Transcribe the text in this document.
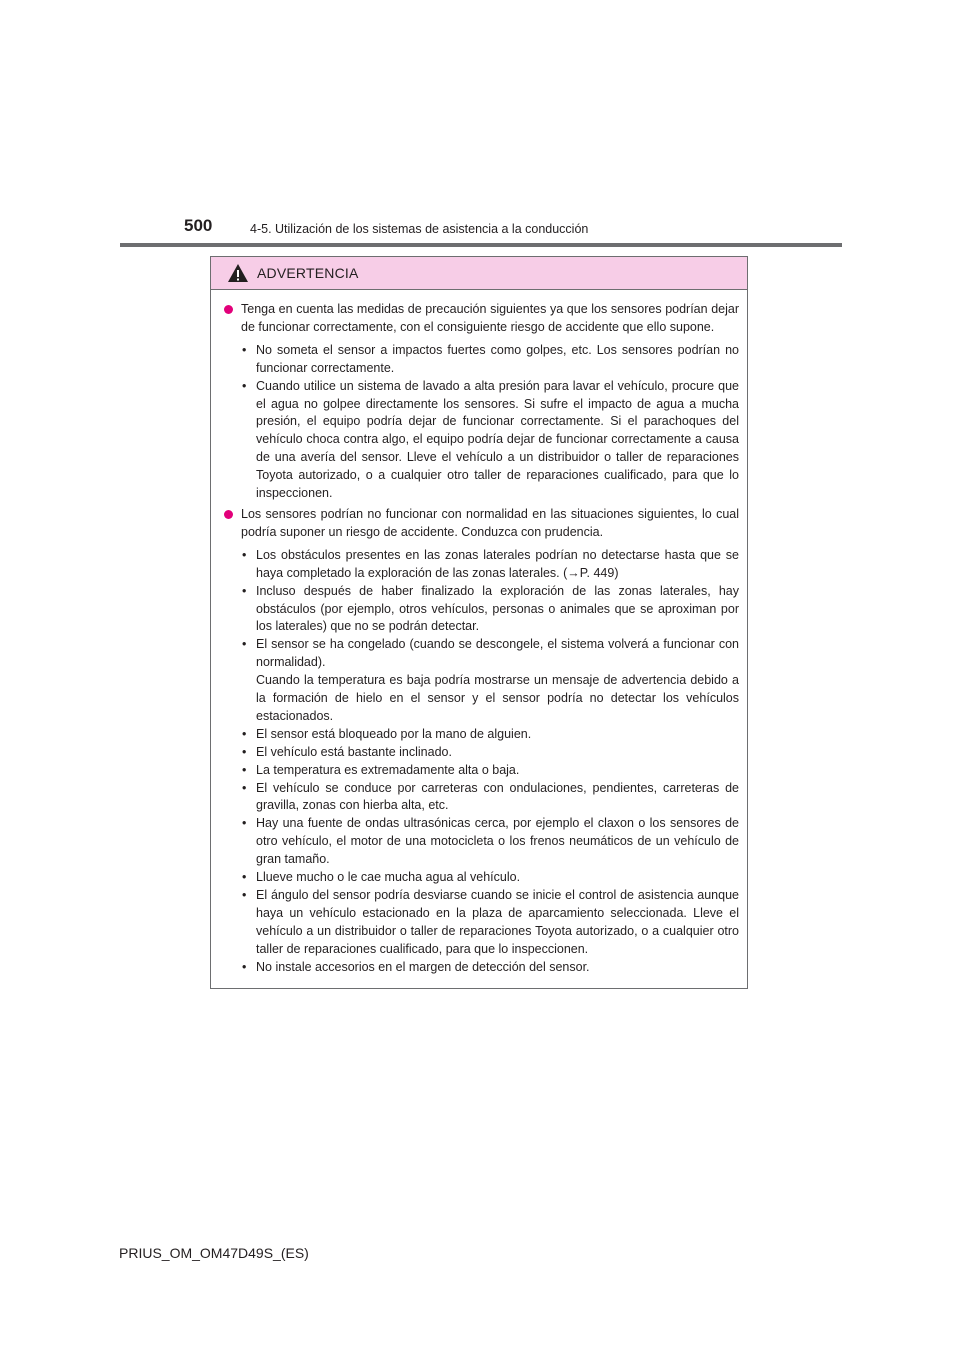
500	4-5. Utilización de los sistemas de asistencia a la conducción
ADVERTENCIA
Tenga en cuenta las medidas de precaución siguientes ya que los sensores podrían dejar de funcionar correctamente, con el consiguiente riesgo de accidente que ello supone.
• No someta el sensor a impactos fuertes como golpes, etc. Los sensores podrían no funcionar correctamente.
• Cuando utilice un sistema de lavado a alta presión para lavar el vehículo, procure que el agua no golpee directamente los sensores. Si sufre el impacto de agua a mucha presión, el equipo podría dejar de funcionar correctamente. Si el parachoques del vehículo choca contra algo, el equipo podría dejar de funcionar correctamente a causa de una avería del sensor. Lleve el vehículo a un distribuidor o taller de reparaciones Toyota autorizado, o a cualquier otro taller de reparaciones cualificado, para que lo inspeccionen.
Los sensores podrían no funcionar con normalidad en las situaciones siguientes, lo cual podría suponer un riesgo de accidente. Conduzca con prudencia.
• Los obstáculos presentes en las zonas laterales podrían no detectarse hasta que se haya completado la exploración de las zonas laterales. (→P. 449)
• Incluso después de haber finalizado la exploración de las zonas laterales, hay obstáculos (por ejemplo, otros vehículos, personas o animales que se aproximan por los laterales) que no se podrán detectar.
• El sensor se ha congelado (cuando se descongele, el sistema volverá a funcionar con normalidad).
Cuando la temperatura es baja podría mostrarse un mensaje de advertencia debido a la formación de hielo en el sensor y el sensor podría no detectar los vehículos estacionados.
• El sensor está bloqueado por la mano de alguien.
• El vehículo está bastante inclinado.
• La temperatura es extremadamente alta o baja.
• El vehículo se conduce por carreteras con ondulaciones, pendientes, carreteras de gravilla, zonas con hierba alta, etc.
• Hay una fuente de ondas ultrasónicas cerca, por ejemplo el claxon o los sensores de otro vehículo, el motor de una motocicleta o los frenos neumáticos de un vehículo de gran tamaño.
• Llueve mucho o le cae mucha agua al vehículo.
• El ángulo del sensor podría desviarse cuando se inicie el control de asistencia aunque haya un vehículo estacionado en la plaza de aparcamiento seleccionada. Lleve el vehículo a un distribuidor o taller de reparaciones Toyota autorizado, o a cualquier otro taller de reparaciones cualificado, para que lo inspeccionen.
• No instale accesorios en el margen de detección del sensor.
PRIUS_OM_OM47D49S_(ES)
